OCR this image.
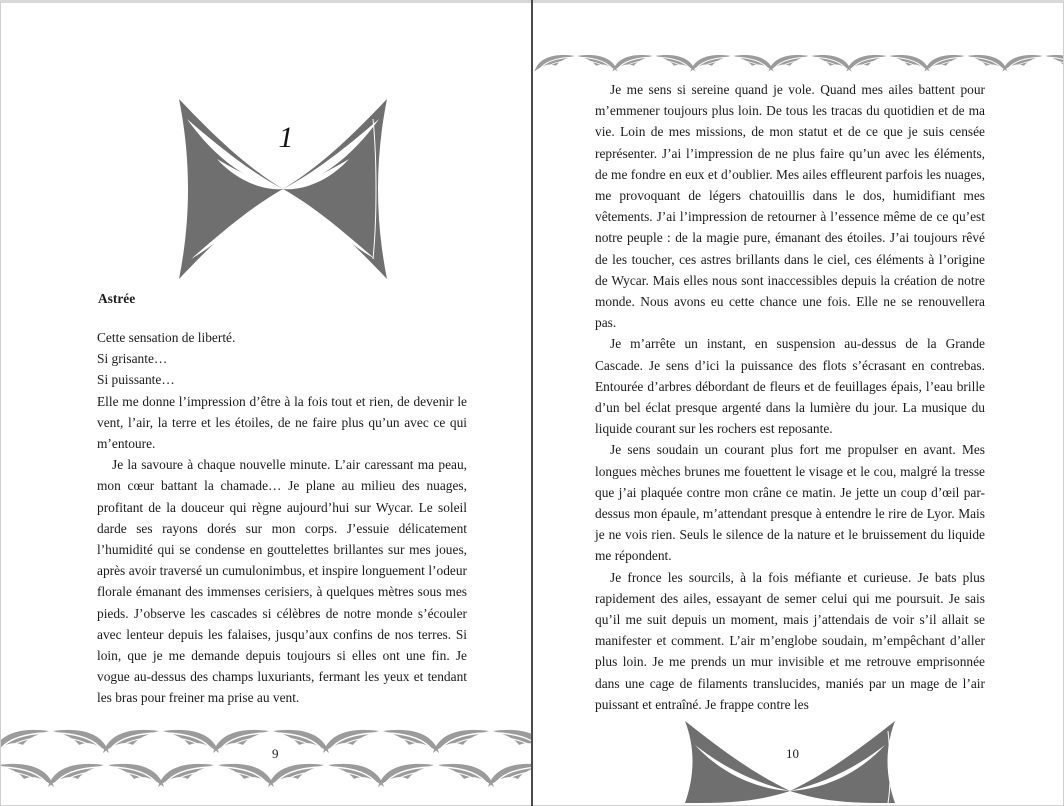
1
Astrée

Cette sensation de liberté.

Si grisante…

Si puissante…

Elle me donne l’impression d’être à la fois tout et rien, de devenir le vent, l’air, la terre et les étoiles, de ne faire plus qu’un avec ce qui m’entoure.

Je la savoure à chaque nouvelle minute. L’air caressant ma peau, mon cœur battant la chamade… Je plane au milieu des nuages, profitant de la douceur qui règne aujourd’hui sur Wycar. Le soleil darde ses rayons dorés sur mon corps. J’essuie délicatement l’humidité qui se condense en gouttelettes brillantes sur mes joues, après avoir traversé un cumulonimbus, et inspire longuement l’odeur florale émanant des immenses cerisiers, à quelques mètres sous mes pieds. J’observe les cascades si célèbres de notre monde s’écouler avec lenteur depuis les falaises, jusqu’aux confins de nos terres. Si loin, que je me demande depuis toujours si elles ont une fin. Je vogue au-dessus des champs luxuriants, fermant les yeux et tendant les bras pour freiner ma prise au vent.

9

Je me sens si sereine quand je vole. Quand mes ailes battent pour m’emmener toujours plus loin. De tous les tracas du quotidien et de ma vie. Loin de mes missions, de mon statut et de ce que je suis censée représenter. J’ai l’impression de ne plus faire qu’un avec les éléments, de me fondre en eux et d’oublier. Mes ailes effleurent parfois les nuages, me provoquant de légers chatouillis dans le dos, humidifiant mes vêtements. J’ai l’impression de retourner à l’essence même de ce qu’est notre peuple : de la magie pure, émanant des étoiles. J’ai toujours rêvé de les toucher, ces astres brillants dans le ciel, ces éléments à l’origine de Wycar. Mais elles nous sont inaccessibles depuis la création de notre monde. Nous avons eu cette chance une fois. Elle ne se renouvellera pas.

Je m’arrête un instant, en suspension au-dessus de la Grande Cascade. Je sens d’ici la puissance des flots s’écrasant en contrebas. Entourée d’arbres débordant de fleurs et de feuillages épais, l’eau brille d’un bel éclat presque argenté dans la lumière du jour. La musique du liquide courant sur les rochers est reposante.

Je sens soudain un courant plus fort me propulser en avant. Mes longues mèches brunes me fouettent le visage et le cou, malgré la tresse que j’ai plaquée contre mon crâne ce matin. Je jette un coup d’œil par-dessus mon épaule, m’attendant presque à entendre le rire de Lyor. Mais je ne vois rien. Seuls le silence de la nature et le bruissement du liquide me répondent.

Je fronce les sourcils, à la fois méfiante et curieuse. Je bats plus rapidement des ailes, essayant de semer celui qui me poursuit. Je sais qu’il me suit depuis un moment, mais j’attendais de voir s’il allait se manifester et comment. L’air m’englobe soudain, m’empêchant d’aller plus loin. Je me prends un mur invisible et me retrouve emprisonnée dans une cage de filaments translucides, maniés par un mage de l’air puissant et entraîné. Je frappe contre les

10
